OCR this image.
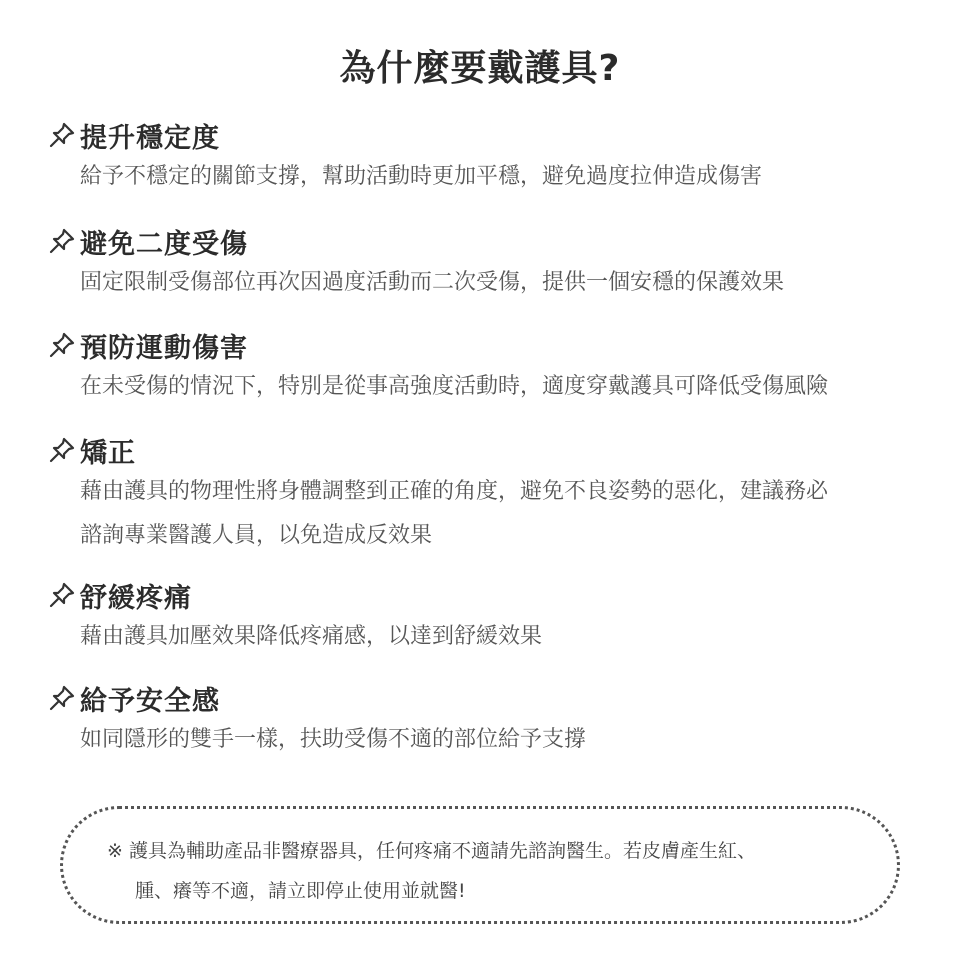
為什麼要戴護具?
提升穩定度
給予不穩定的關節支撐，幫助活動時更加平穩，避免過度拉伸造成傷害
避免二度受傷
固定限制受傷部位再次因過度活動而二次受傷，提供一個安穩的保護效果
預防運動傷害
在未受傷的情況下，特別是從事高強度活動時，適度穿戴護具可降低受傷風險
矯正
藉由護具的物理性將身體調整到正確的角度，避免不良姿勢的惡化，建議務必
諮詢專業醫護人員，以免造成反效果
舒緩疼痛
藉由護具加壓效果降低疼痛感，以達到舒緩效果
給予安全感
如同隱形的雙手一樣，扶助受傷不適的部位給予支撐
※ 護具為輔助產品非醫療器具，任何疼痛不適請先諮詢醫生。若皮膚產生紅、
腫、癢等不適，請立即停止使用並就醫!
